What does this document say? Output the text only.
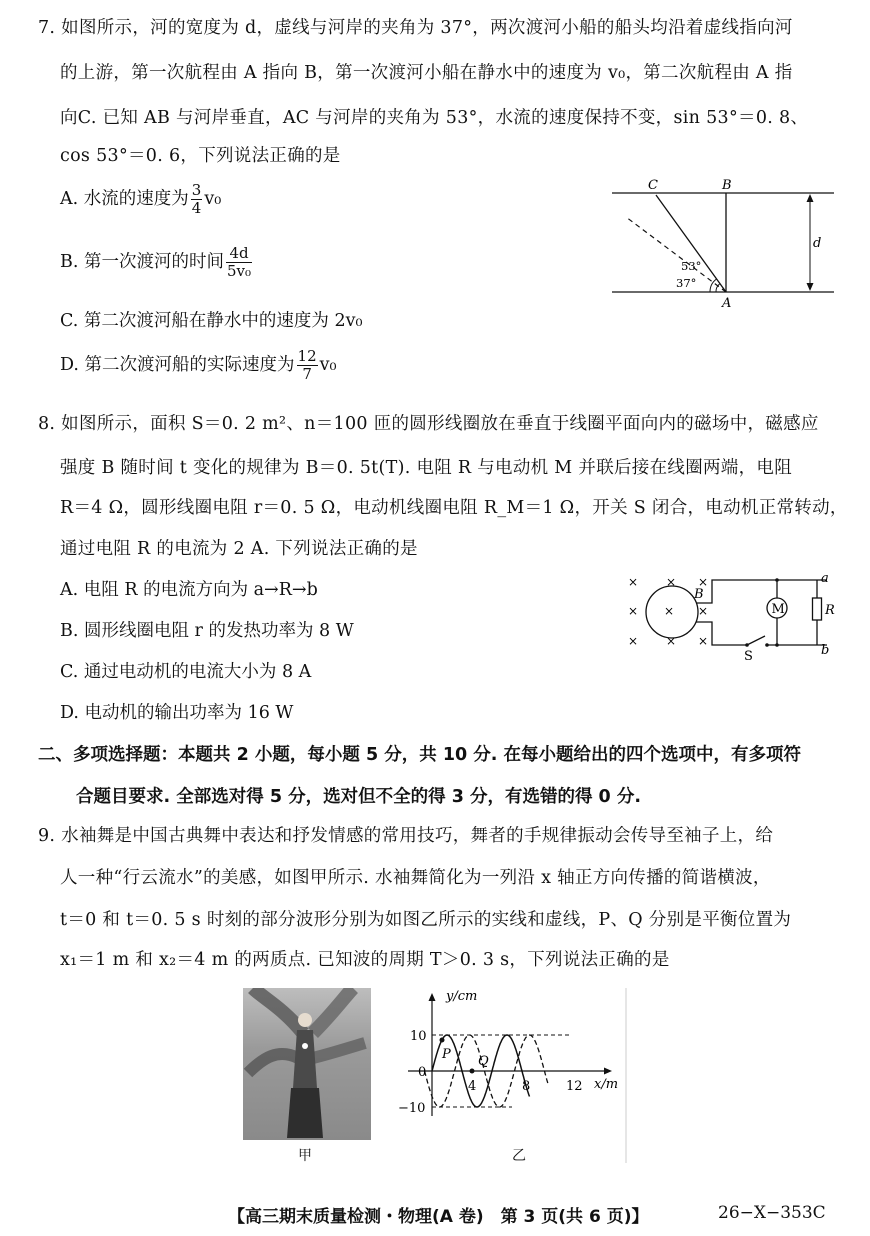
7. 如图所示，河的宽度为 d，虚线与河岸的夹角为 37°，两次渡河小船的船头均沿着虚线指向河
的上游，第一次航程由 A 指向 B，第一次渡河小船在静水中的速度为 v₀，第二次航程由 A 指
向C. 已知 AB 与河岸垂直，AC 与河岸的夹角为 53°，水流的速度保持不变，sin 53°＝0. 8、
cos 53°＝0. 6，下列说法正确的是
A. 水流的速度为 $\frac{3}{4} v_0$
B. 第一次渡河的时间 $\frac{4d}{\text{5v₀}}$
C. 第二次渡河船在静水中的速度为 2v₀
D. 第二次渡河船的实际速度为 $\frac{12}{7} v_0$
C	B
A
d
53°
37°
8. 如图所示，面积 S＝0. 2 m²、n＝100 匝的圆形线圈放在垂直于线圈平面向内的磁场中，磁感应
强度 B 随时间 t 变化的规律为 B＝0. 5t(T). 电阻 R 与电动机 M 并联后接在线圈两端，电阻
R＝4 Ω，圆形线圈电阻 r＝0. 5 Ω，电动机线圈电阻 R_M＝1 Ω，开关 S 闭合，电动机正常转动，
通过电阻 R 的电流为 2 A. 下列说法正确的是
A. 电阻 R 的电流方向为 a→R→b
B. 圆形线圈电阻 r 的发热功率为 8 W
C. 通过电动机的电流大小为 8 A
D. 电动机的输出功率为 16 W
× × ×
× × ×
× × ×
M	R
a
b
B
S
二、多项选择题：本题共 2 小题，每小题 5 分，共 10 分. 在每小题给出的四个选项中，有多项符
合题目要求. 全部选对得 5 分，选对但不全的得 3 分，有选错的得 0 分.
9. 水袖舞是中国古典舞中表达和抒发情感的常用技巧，舞者的手规律振动会传导至袖子上，给
人一种“行云流水”的美感，如图甲所示. 水袖舞简化为一列沿 x 轴正方向传播的简谐横波，
t＝0 和 t＝0. 5 s 时刻的部分波形分别为如图乙所示的实线和虚线，P、Q 分别是平衡位置为
x₁＝1 m 和 x₂＝4 m 的两质点. 已知波的周期 T＞0. 3 s，下列说法正确的是
甲
y/cm
x/m
10
0
−10
4	8	12
P Q
乙
【高三期末质量检测・物理(A 卷)　第 3 页(共 6 页)】	26−X−353C
